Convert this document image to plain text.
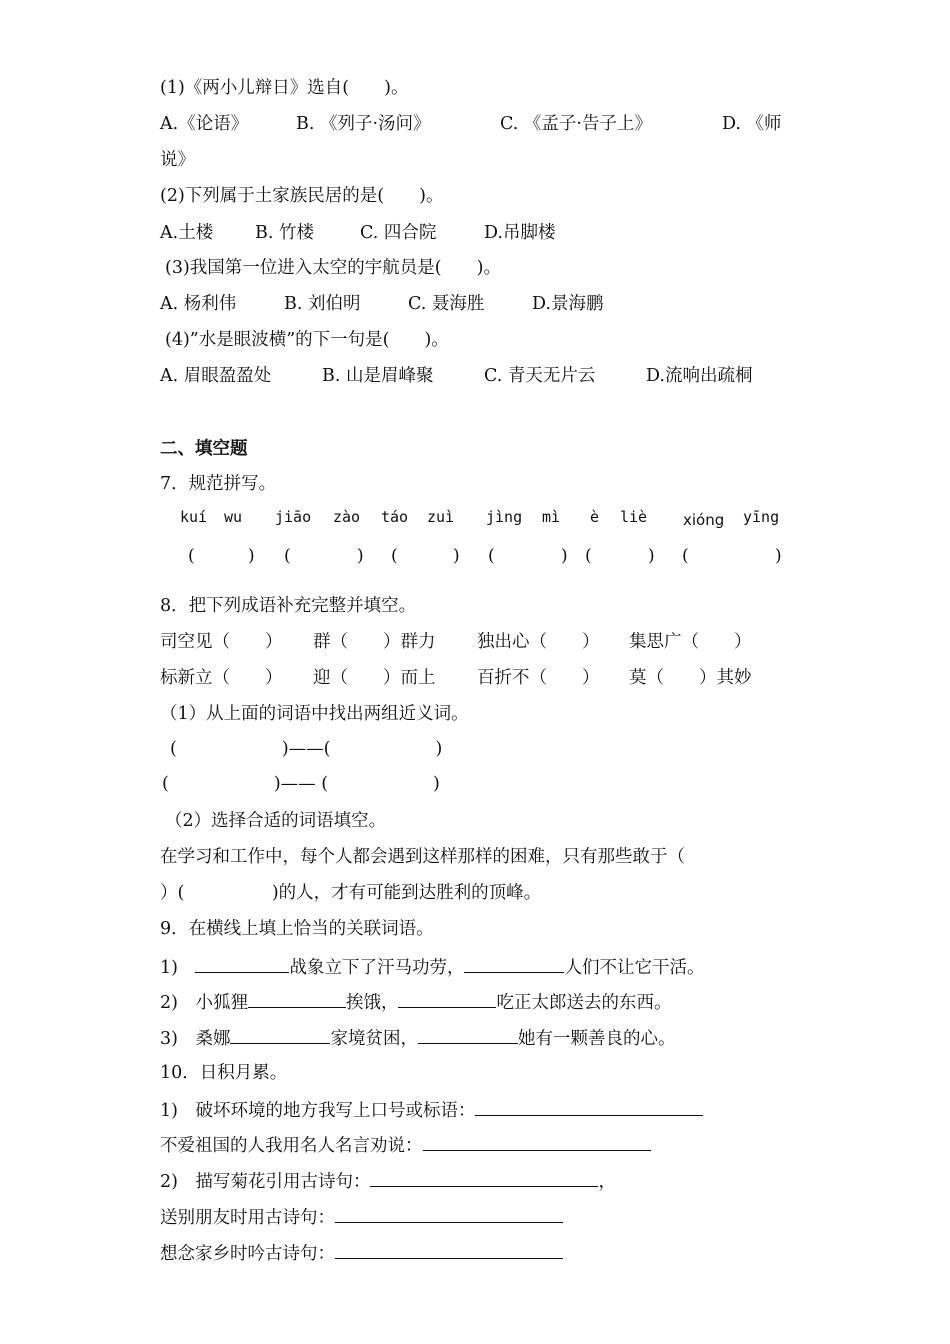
(1)《两小儿辩日》选自(　　)。
A.《论语》	B. 《列子·汤问》	C. 《孟子·告子上》	D. 《师
说》
(2)下列属于土家族民居的是(　　)。
A.土楼 B. 竹楼	C. 四合院	D.吊脚楼
(3)我国第一位进入太空的宇航员是(　　)。
A. 杨利伟	B. 刘伯明	C. 聂海胜	D.景海鹏
(4)”水是眼波横”的下一句是(　　)。
A. 眉眼盈盈处	B. 山是眉峰聚	C. 青天无片云	D.流响出疏桐
二、填空题
7．规范拼写。
kuí wu jiāo zào táo zuì jìng mì è liè xióng yīng
(	) (	) (	) (	) (	) (	)
8．把下列成语补充完整并填空。
司空见（　　） 群（　　）群力 独出心（　　） 集思广（　　）
标新立（　　） 迎（　　）而上 百折不（　　） 莫（　　）其妙
（1）从上面的词语中找出两组近义词。
(　　　　　　)——(　　　　　　)
(　　　　　　)—— (　　　　　　)
（2）选择合适的词语填空。
在学习和工作中，每个人都会遇到这样那样的困难，只有那些敢于（
）(　　　　　)的人，才有可能到达胜利的顶峰。
9．在横线上填上恰当的关联词语。
1)　	战象立下了汗马功劳，	人们不让它干活。
2)　小狐狸	挨饿，	吃正太郎送去的东西。
3)　桑娜	家境贫困，	她有一颗善良的心。
10．日积月累。
1)　破坏环境的地方我写上口号或标语：
不爱祖国的人我用名人名言劝说：
2)　描写菊花引用古诗句：	，
送别朋友时用古诗句：
想念家乡时吟古诗句：
